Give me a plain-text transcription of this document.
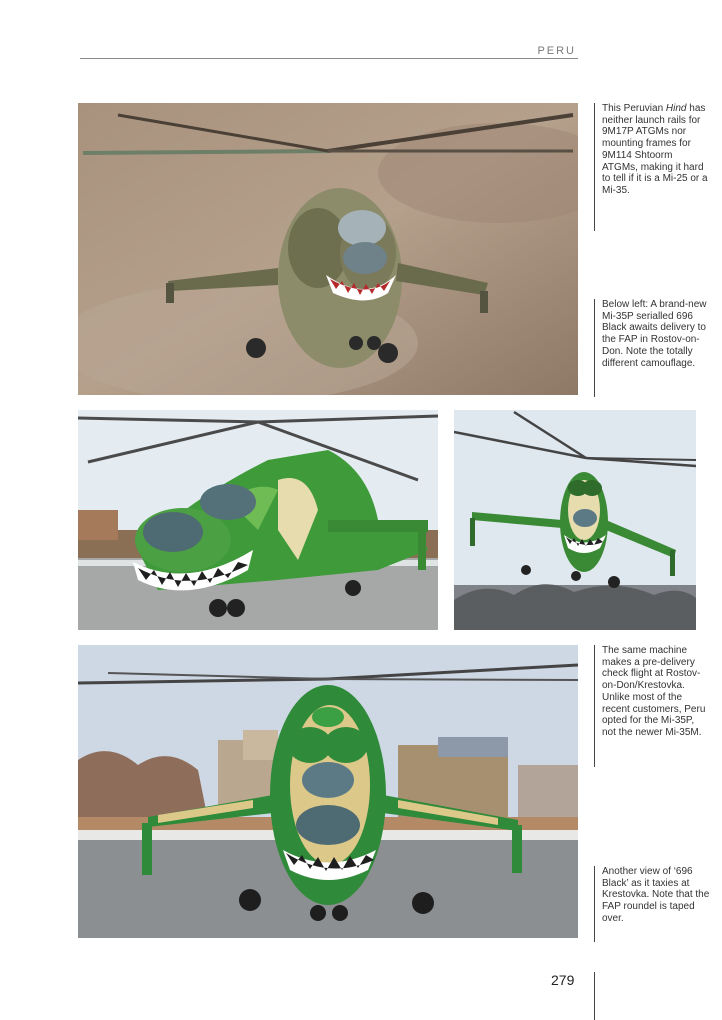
PERU
This Peruvian Hind has neither launch rails for 9M17P ATGMs nor mounting frames for 9M114 Shtoorm ATGMs, making it hard to tell if it is a Mi-25 or a Mi-35.
Below left: A brand-new Mi-35P serialled 696 Black awaits delivery to the FAP in Rostov-on-Don. Note the totally different camouflage.
The same machine makes a pre-delivery check flight at Rostov-on-Don/Krestovka. Unlike most of the recent customers, Peru opted for the Mi-35P, not the newer Mi-35M.
Another view of ‘696 Black’ as it taxies at Krestovka. Note that the FAP roundel is taped over.
279
